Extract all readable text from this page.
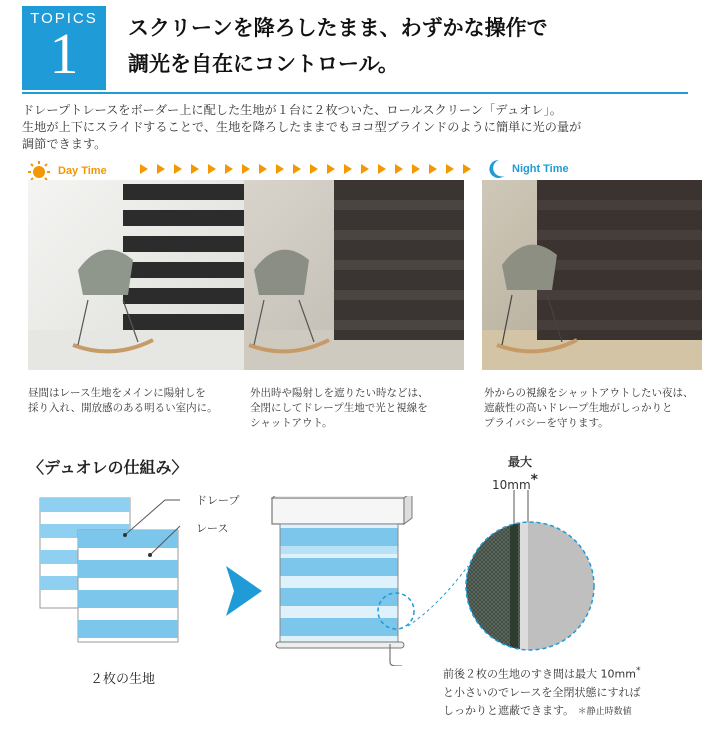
TOPICS
1	スクリーンを降ろしたまま、わずかな操作で
調光を自在にコントロール。
ドレープトレースをボーダー上に配した生地が１台に２枚ついた、ロールスクリーン「デュオレ」。
生地が上下にスライドすることで、生地を降ろしたままでもヨコ型ブラインドのように簡単に光の量が
調節できます。
Day Time	Night Time
昼間はレース生地をメインに陽射しを
採り入れ、開放感のある明るい室内に。
外出時や陽射しを遮りたい時などは、
全閉にしてドレープ生地で光と視線を
シャットアウト。
外からの視線をシャットアウトしたい夜は、
遮蔽性の高いドレープ生地がしっかりと
プライバシーを守ります。
〈デュオレの仕組み〉
ドレープ
レース
２枚の生地
最大
10mm*
前後２枚の生地のすき間は最大 10mm*
と小さいのでレースを全閉状態にすれば
しっかりと遮蔽できます。 ＊静止時数値
